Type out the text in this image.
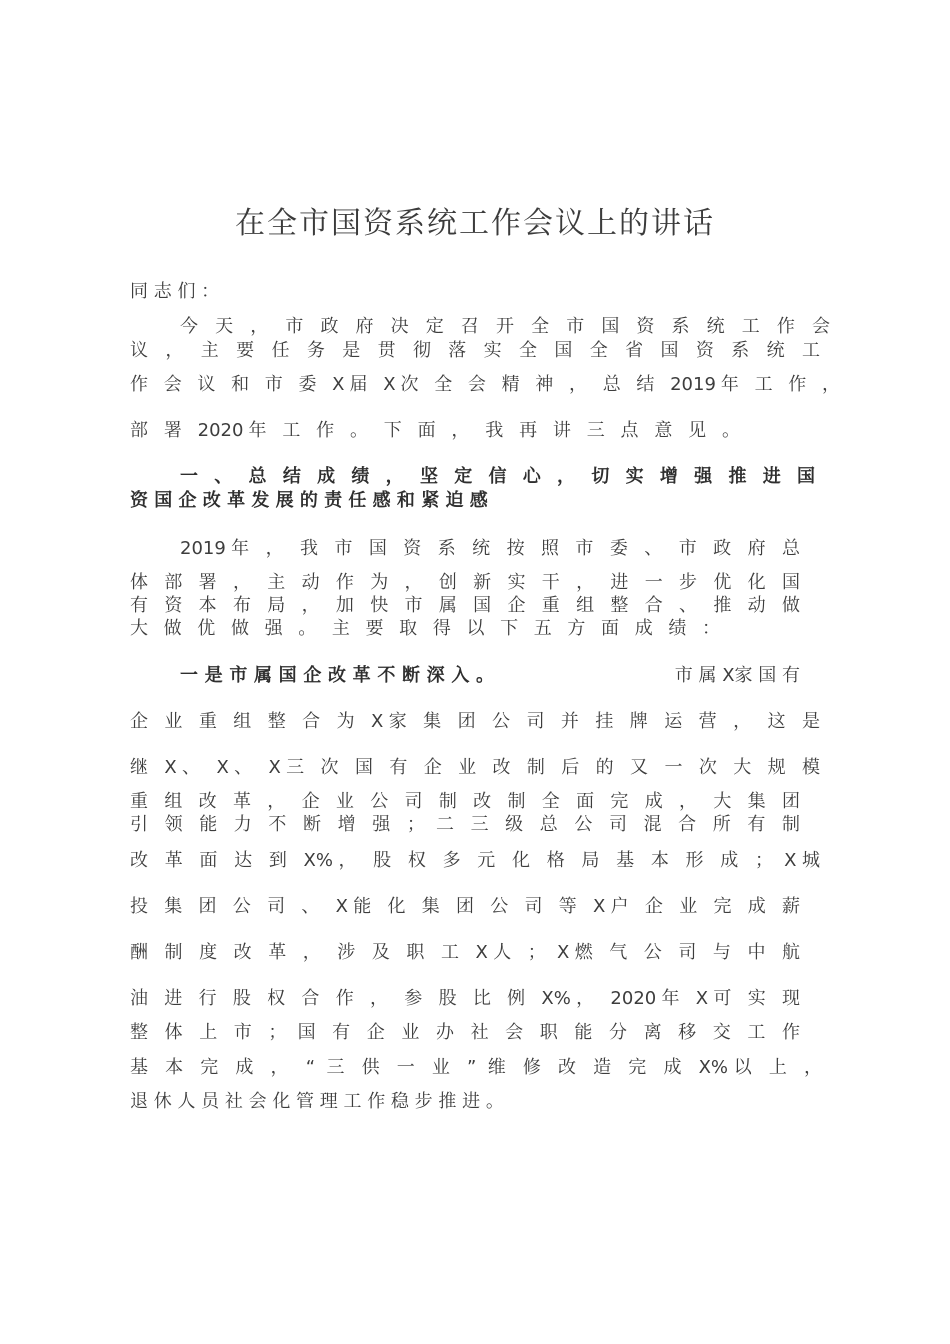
在全市国资系统工作会议上的讲话
同 志 们 ：
今 天 ， 市 政 府 决 定 召 开 全 市 国 资 系 统 工 作 会
议 ， 主 要 任 务 是 贯 彻 落 实 全 国 全 省 国 资 系 统 工
作 会 议 和 市 委 X届 X次 全 会 精 神 ， 总 结 2019年 工 作 ，
部 署 2020年 工 作 。 下 面 ， 我 再 讲 三 点 意 见 。
一 、 总 结 成 绩 ， 坚 定 信 心 ， 切 实 增 强 推 进 国
资 国 企 改 革 发 展 的 责 任 感 和 紧 迫 感
2019年 ， 我 市 国 资 系 统 按 照 市 委 、 市 政 府 总
体 部 署 ， 主 动 作 为 ， 创 新 实 干 ， 进 一 步 优 化 国
有 资 本 布 局 ， 加 快 市 属 国 企 重 组 整 合 、 推 动 做
大 做 优 做 强 。 主 要 取 得 以 下 五 方 面 成 绩 ：
一 是 市 属 国 企 改 革 不 断 深 入 。	市 属 X家 国 有
企 业 重 组 整 合 为 X家 集 团 公 司 并 挂 牌 运 营 ， 这 是
继 X、 X、 X三 次 国 有 企 业 改 制 后 的 又 一 次 大 规 模
重 组 改 革 ， 企 业 公 司 制 改 制 全 面 完 成 ， 大 集 团
引 领 能 力 不 断 增 强 ； 二 三 级 总 公 司 混 合 所 有 制
改 革 面 达 到 X%， 股 权 多 元 化 格 局 基 本 形 成 ； X城
投 集 团 公 司 、 X能 化 集 团 公 司 等 X户 企 业 完 成 薪
酬 制 度 改 革 ， 涉 及 职 工 X人 ； X燃 气 公 司 与 中 航
油 进 行 股 权 合 作 ， 参 股 比 例 X%， 2020年 X可 实 现
整 体 上 市 ； 国 有 企 业 办 社 会 职 能 分 离 移 交 工 作
基 本 完 成 ， “ 三 供 一 业 ” 维 修 改 造 完 成 X%以 上 ，
退 休 人 员 社 会 化 管 理 工 作 稳 步 推 进 。
